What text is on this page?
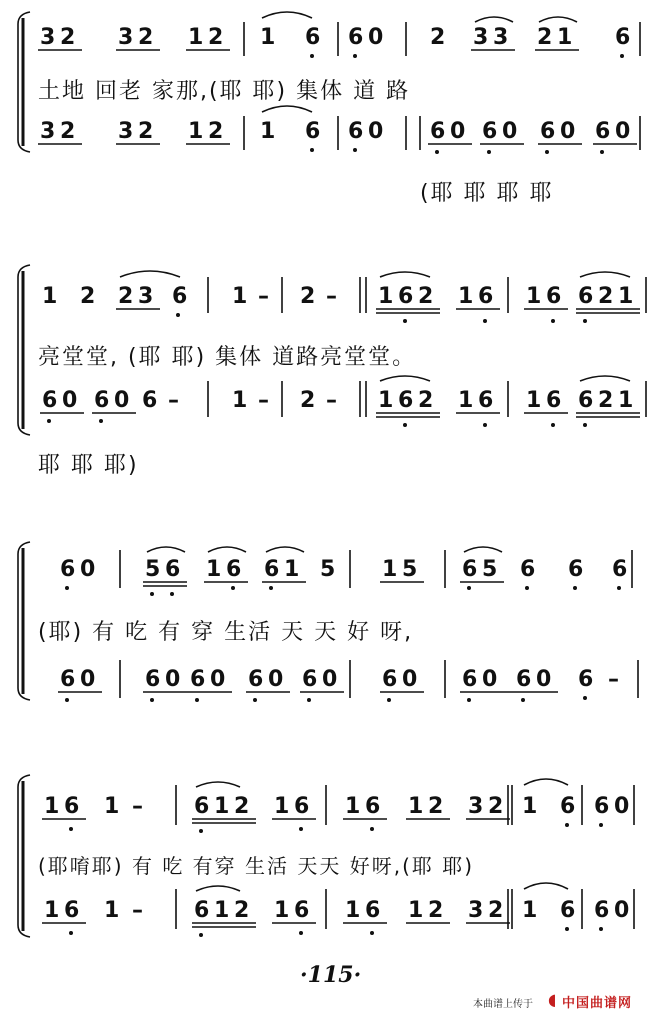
3 2 3 2 1 2 1 6 6 0 2 3 3 2 1 6
3 2 3 2 1 2 1 6 6 0 6 0 6 0 6 0 6 0
土地 回老 家那,(耶 耶) 集体 道 路
(耶 耶 耶 耶
1 2 2 3 6 1 – 2 – 1 6 2 1 6 1 6 6 2 1
6 0 6 0 6 – 1 – 2 – 1 6 2 1 6 1 6 6 2 1
亮堂堂, (耶 耶) 集体 道路亮堂堂。
耶 耶 耶)
6 0 5 6 1 6 6 1 5 1 5 6 5 6 6 6
6 0 6 0 6 0 6 0 6 0 6 0 6 0 6 0 6 –
(耶) 有 吃 有 穿 生活 天 天 好 呀,
1 6 1 – 6 1 2 1 6 1 6 1 2 3 2 1 6 6 0
1 6 1 – 6 1 2 1 6 1 6 1 2 3 2 1 6 6 0
(耶唷耶) 有 吃 有穿 生活 天天 好呀,(耶 耶)
·115·
本曲谱上传于 ◖ 中国曲谱网
